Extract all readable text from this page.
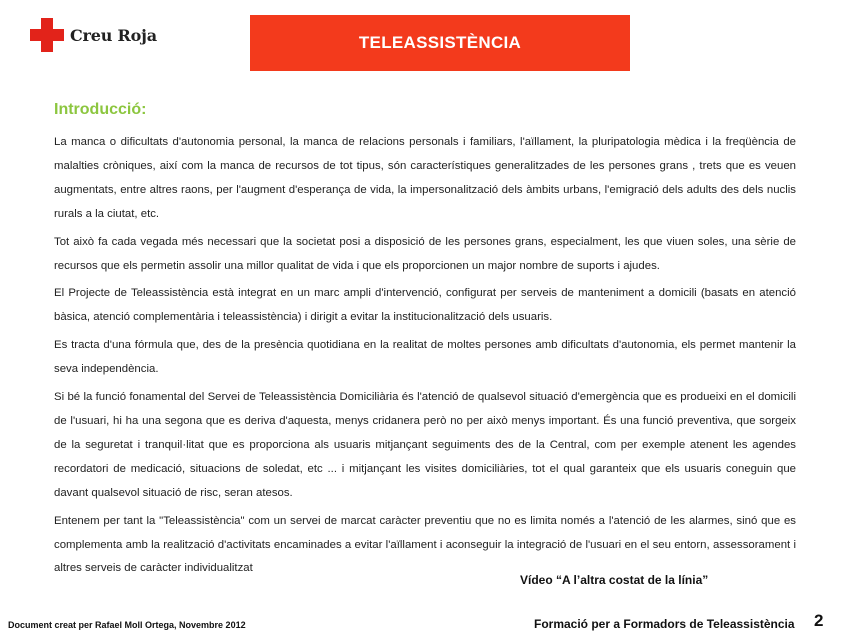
Creu Roja	TELEASSISTÈNCIA
Introducció:

La manca o dificultats d'autonomia personal, la manca de relacions personals i familiars, l'aïllament, la pluripatologia mèdica i la freqüència de malalties cròniques, així com la manca de recursos de tot tipus, són característiques generalitzades de les persones grans , trets que es veuen augmentats, entre altres raons, per l'augment d'esperança de vida, la impersonalització dels àmbits urbans, l'emigració dels adults des dels nuclis rurals a la ciutat, etc.

Tot això fa cada vegada més necessari que la societat posi a disposició de les persones grans, especialment, les que viuen soles, una sèrie de recursos que els permetin assolir una millor qualitat de vida i que els proporcionen un major nombre de suports i ajudes.

El Projecte de Teleassistència està integrat en un marc ampli d'intervenció, configurat per serveis de manteniment a domicili (basats en atenció bàsica, atenció complementària i teleassistència) i dirigit a evitar la institucionalització dels usuaris.

Es tracta d'una fórmula que, des de la presència quotidiana en la realitat de moltes persones amb dificultats d'autonomia, els permet mantenir la seva independència.

Si bé la funció fonamental del Servei de Teleassistència Domiciliària és l'atenció de qualsevol situació d'emergència que es produeixi en el domicili de l'usuari, hi ha una segona que es deriva d'aquesta, menys cridanera però no per això menys important. És una funció preventiva, que sorgeix de la seguretat i tranquil·litat que es proporciona als usuaris mitjançant seguiments des de la Central, com per exemple atenent les agendes recordatori de medicació, situacions de soledat, etc ... i mitjançant les visites domiciliàries, tot el qual garanteix que els usuaris coneguin que davant qualsevol situació de risc, seran atesos.

Entenem per tant la "Teleassistència" com un servei de marcat caràcter preventiu que no es limita només a l'atenció de les alarmes, sinó que es complementa amb la realització d'activitats encaminades a evitar l'aïllament i aconseguir la integració de l'usuari en el seu entorn, assessorament i altres serveis de caràcter individualitzat

Vídeo “A l’altra costat de la línia”
Document creat per Rafael Moll Ortega, Novembre 2012	Formació per a Formadors de Teleassistència 2
